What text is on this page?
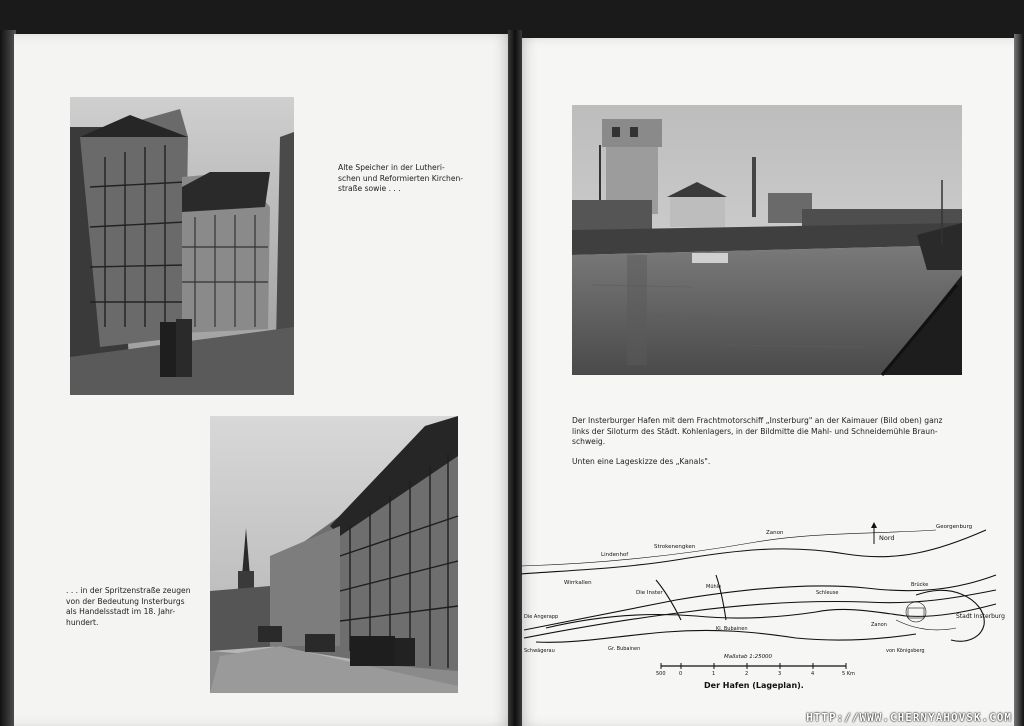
Alte Speicher in der Lutheri-
schen und Reformierten Kirchen-
straße sowie . . .
. . . in der Spritzenstraße zeugen
von der Bedeutung Insterburgs
als Handelsstadt im 18. Jahr-
hundert.
Der Insterburger Hafen mit dem Frachtmotorschiff „Insterburg" an der Kaimauer (Bild oben) ganz
links der Siloturm des Städt. Kohlenlagers, in der Bildmitte die Mahl- und Schneidemühle Braun-
schweig.
Unten eine Lageskizze des „Kanals".
Nord
500	0	1	2	3	4	5 Km
Maßstab 1:25000
Der Hafen (Lageplan).
Zanon
Georgenburg
Strokenengken
Lindenhof
Wirrkallen
Die Inster
Mühle
Schleuse
Brücke
Die Angerapp
Kl. Bubainen
Zanon
Stadt Insterburg
Schwägerau	Gr. Bubainen	von Königsberg
HTTP://WWW.CHERNYAHOVSK.COM
